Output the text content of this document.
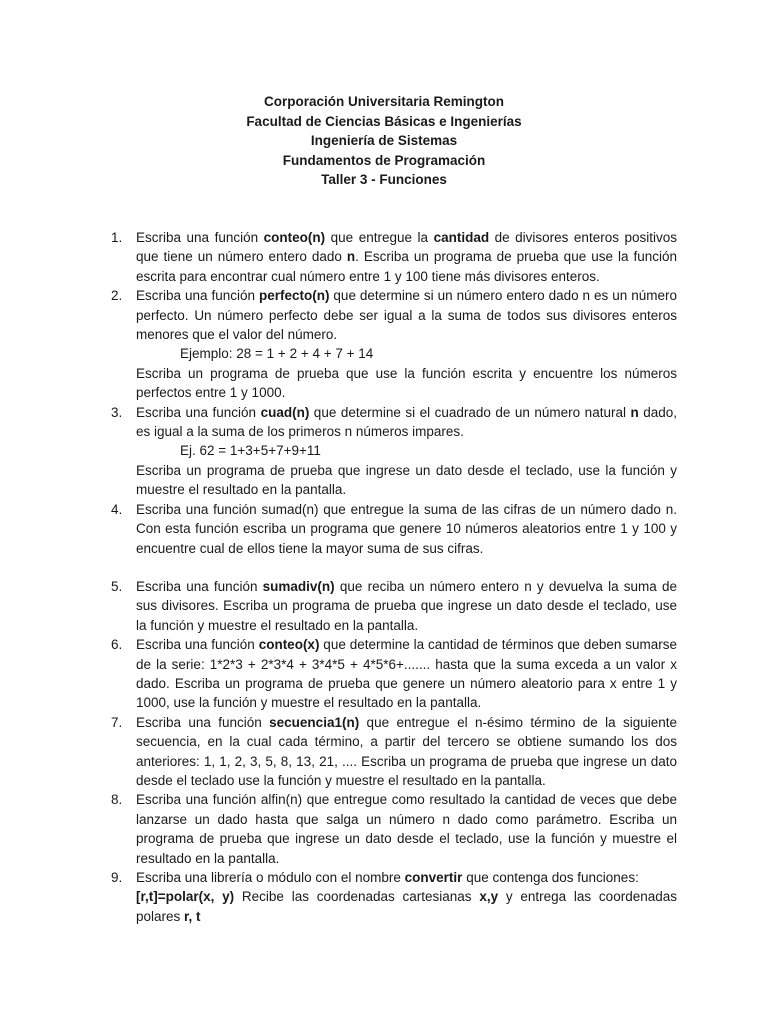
Corporación Universitaria Remington
Facultad de Ciencias Básicas e Ingenierías
Ingeniería de Sistemas
Fundamentos de Programación
Taller 3 - Funciones
1.	Escriba una función conteo(n) que entregue la cantidad de divisores enteros positivos que tiene un número entero dado n. Escriba un programa de prueba que use la función escrita para encontrar cual número entre 1 y 100 tiene más divisores enteros.

2.	Escriba una función perfecto(n) que determine si un número entero dado n es un número perfecto. Un número perfecto debe ser igual a la suma de todos sus divisores enteros menores que el valor del número.

Ejemplo: 28 = 1 + 2 + 4 + 7 + 14

Escriba un programa de prueba que use la función escrita y encuentre los números perfectos entre 1 y 1000.

3.	Escriba una función cuad(n) que determine si el cuadrado de un número natural n dado, es igual a la suma de los primeros n números impares.

Ej. 62 = 1+3+5+7+9+11

Escriba un programa de prueba que ingrese un dato desde el teclado, use la función y muestre el resultado en la pantalla.

4.	Escriba una función sumad(n) que entregue la suma de las cifras de un número dado n. Con esta función escriba un programa que genere 10 números aleatorios entre 1 y 100 y encuentre cual de ellos tiene la mayor suma de sus cifras.

5.	Escriba una función sumadiv(n) que reciba un número entero n y devuelva la suma de sus divisores. Escriba un programa de prueba que ingrese un dato desde el teclado, use la función y muestre el resultado en la pantalla.

6.	Escriba una función conteo(x) que determine la cantidad de términos que deben sumarse de la serie: 1*2*3 + 2*3*4 + 3*4*5 + 4*5*6+....... hasta que la suma exceda a un valor x dado. Escriba un programa de prueba que genere un número aleatorio para x entre 1 y 1000, use la función y muestre el resultado en la pantalla.

7.	Escriba una función secuencia1(n) que entregue el n-ésimo término de la siguiente secuencia, en la cual cada término, a partir del tercero se obtiene sumando los dos anteriores: 1, 1, 2, 3, 5, 8, 13, 21, .... Escriba un programa de prueba que ingrese un dato desde el teclado use la función y muestre el resultado en la pantalla.

8.	Escriba una función alfin(n) que entregue como resultado la cantidad de veces que debe lanzarse un dado hasta que salga un número n dado como parámetro. Escriba un programa de prueba que ingrese un dato desde el teclado, use la función y muestre el resultado en la pantalla.

9.	Escriba una librería o módulo con el nombre convertir que contenga dos funciones:

[r,t]=polar(x, y) Recibe las coordenadas cartesianas x,y y entrega las coordenadas polares r, t
